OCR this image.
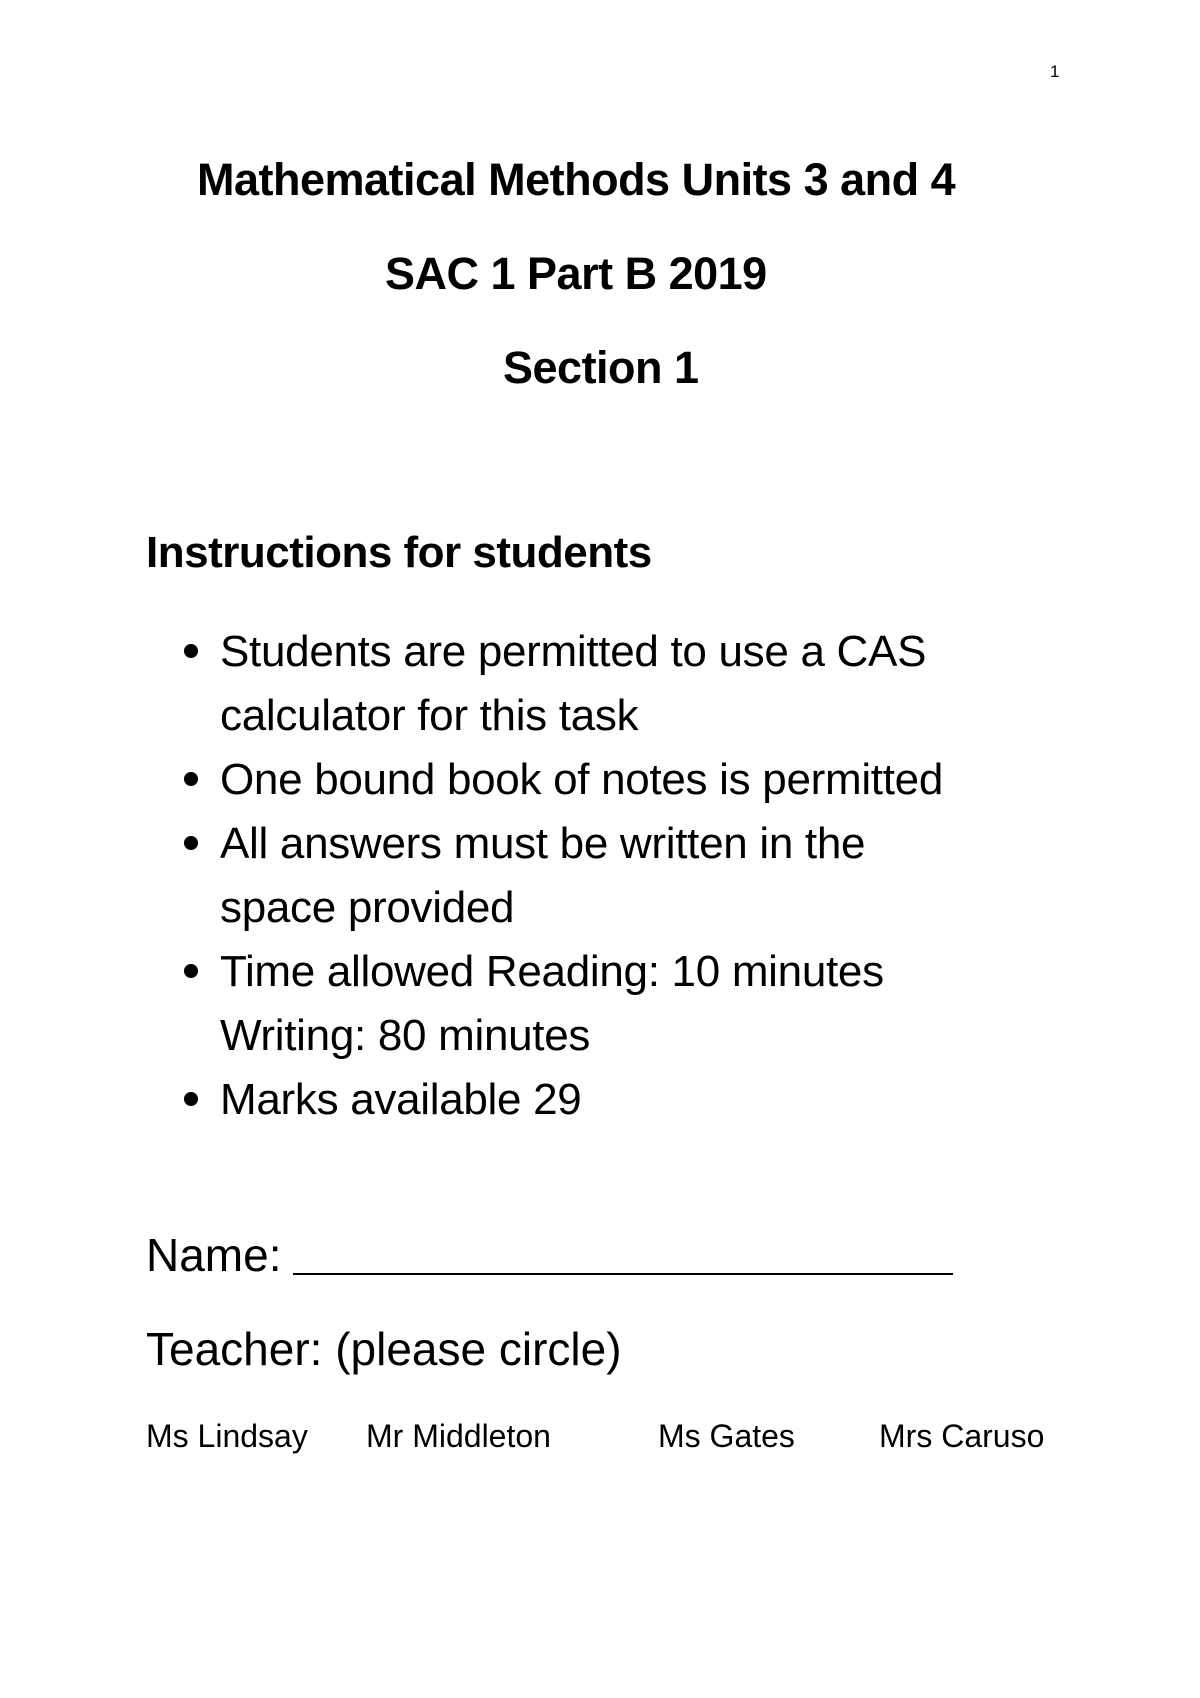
1
Mathematical Methods Units 3 and 4
SAC 1 Part B 2019
Section 1
Instructions for students
Students are permitted to use a CAS
calculator for this task
One bound book of notes is permitted
All answers must be written in the
space provided
Time allowed Reading: 10 minutes
Writing: 80 minutes
Marks available 29
Name:
Teacher: (please circle)
Ms Lindsay Mr Middleton	Ms Gates	Mrs Caruso
